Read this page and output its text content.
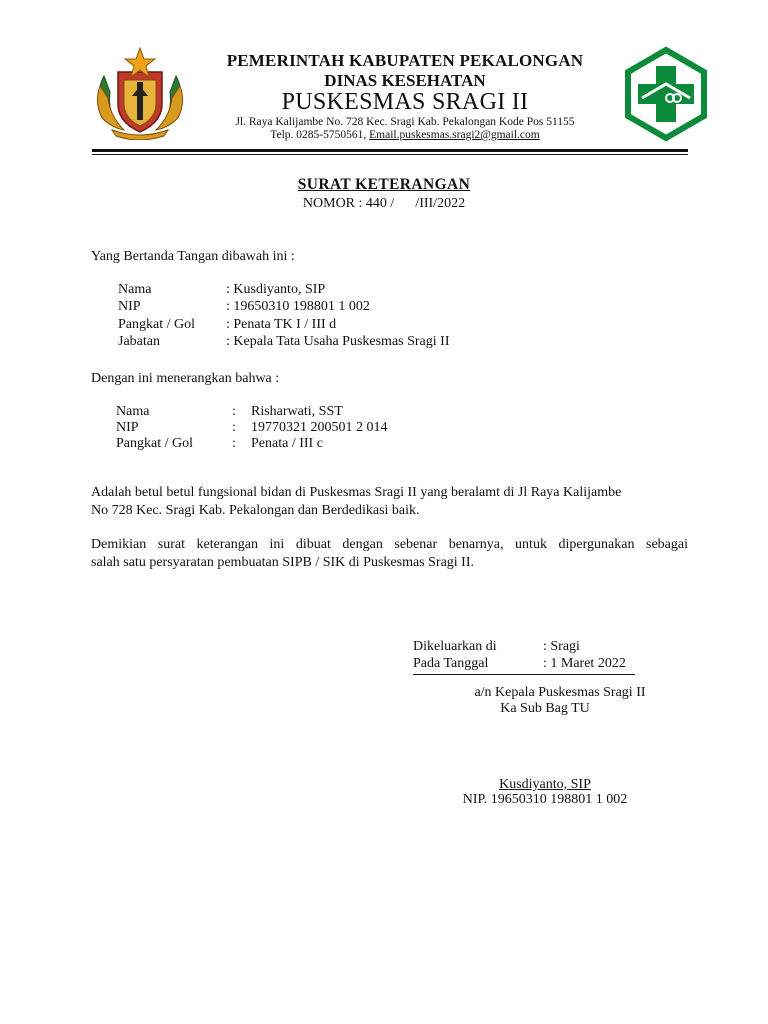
PEMERINTAH KABUPATEN PEKALONGAN
DINAS KESEHATAN
PUSKESMAS SRAGI II
Jl. Raya Kalijambe No. 728 Kec. Sragi Kab. Pekalongan Kode Pos 51155
Telp. 0285-5750561, Email.puskesmas.sragi2@gmail.com
SURAT KETERANGAN
NOMOR : 440 /      /III/2022
Yang Bertanda Tangan dibawah ini :
Nama	: Kusdiyanto, SIP
NIP	: 19650310 198801 1 002
Pangkat / Gol : Penata TK I / III d
Jabatan	: Kepala Tata Usaha Puskesmas Sragi II
Dengan ini menerangkan bahwa :
Nama	: Risharwati, SST
NIP	: 19770321 200501 2 014
Pangkat / Gol	: Penata / III c
Adalah betul betul fungsional bidan di Puskesmas Sragi II yang beralamt di Jl Raya Kalijambe
No 728 Kec. Sragi Kab. Pekalongan dan Berdedikasi baik.
Demikian surat keterangan ini dibuat dengan sebenar benarnya, untuk dipergunakan sebagai
salah satu persyaratan pembuatan SIPB / SIK di Puskesmas Sragi II.
Dikeluarkan di	: Sragi
Pada Tanggal	: 1 Maret 2022
a/n Kepala Puskesmas Sragi II
Ka Sub Bag TU
Kusdiyanto, SIP
NIP. 19650310 198801 1 002
